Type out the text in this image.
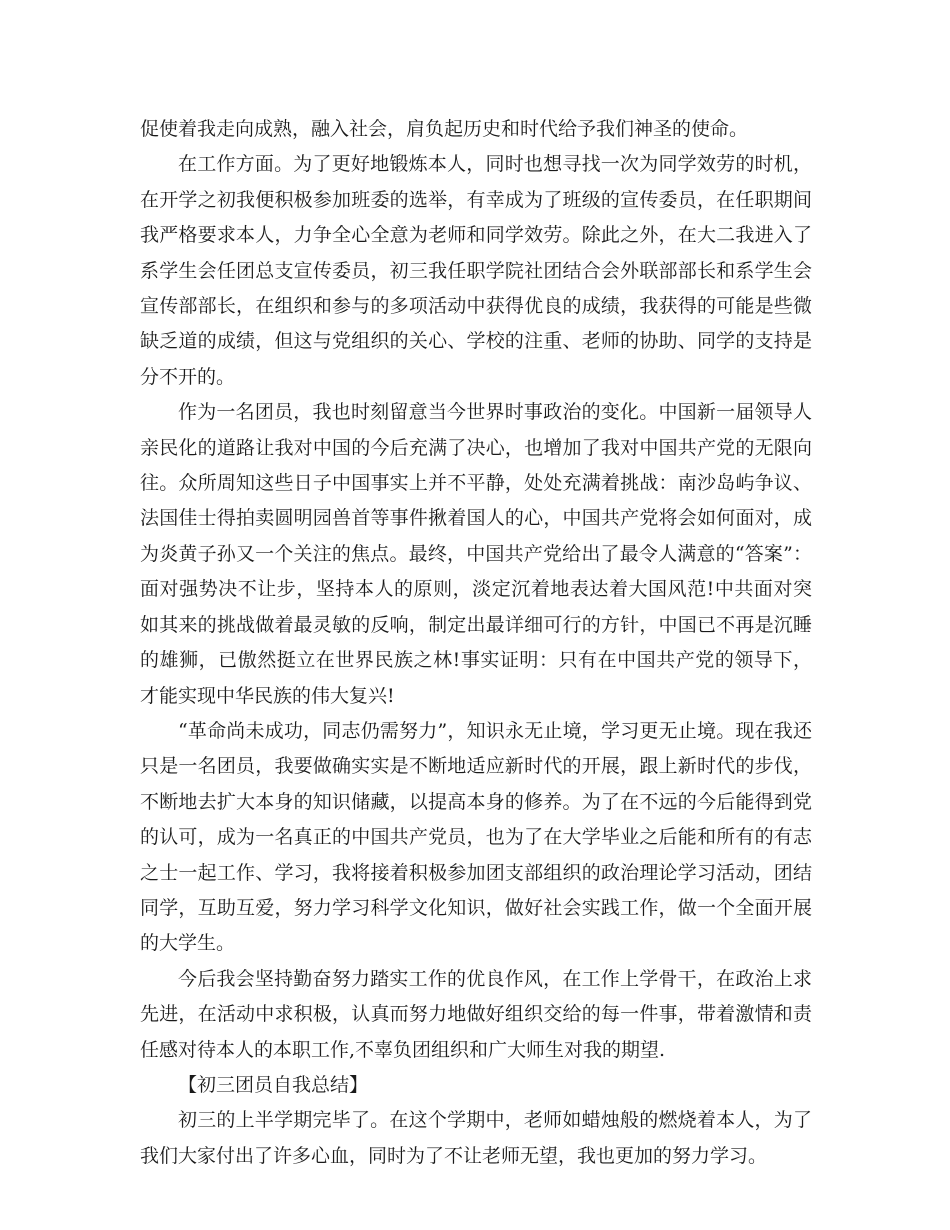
促使着我走向成熟，融入社会，肩负起历史和时代给予我们神圣的使命。

在工作方面。为了更好地锻炼本人，同时也想寻找一次为同学效劳的时机，在开学之初我便积极参加班委的选举，有幸成为了班级的宣传委员，在任职期间我严格要求本人，力争全心全意为老师和同学效劳。除此之外，在大二我进入了系学生会任团总支宣传委员，初三我任职学院社团结合会外联部部长和系学生会宣传部部长，在组织和参与的多项活动中获得优良的成绩，我获得的可能是些微缺乏道的成绩，但这与党组织的关心、学校的注重、老师的协助、同学的支持是分不开的。

作为一名团员，我也时刻留意当今世界时事政治的变化。中国新一届领导人亲民化的道路让我对中国的今后充满了决心，也增加了我对中国共产党的无限向往。众所周知这些日子中国事实上并不平静，处处充满着挑战：南沙岛屿争议、法国佳士得拍卖圆明园兽首等事件揪着国人的心，中国共产党将会如何面对，成为炎黄子孙又一个关注的焦点。最终，中国共产党给出了最令人满意的“答案”：面对强势决不让步，坚持本人的原则，淡定沉着地表达着大国风范!中共面对突如其来的挑战做着最灵敏的反响，制定出最详细可行的方针，中国已不再是沉睡的雄狮，已傲然挺立在世界民族之林!事实证明：只有在中国共产党的领导下，才能实现中华民族的伟大复兴!

“革命尚未成功，同志仍需努力”，知识永无止境，学习更无止境。现在我还只是一名团员，我要做确实实是不断地适应新时代的开展，跟上新时代的步伐，不断地去扩大本身的知识储藏，以提高本身的修养。为了在不远的今后能得到党的认可，成为一名真正的中国共产党员，也为了在大学毕业之后能和所有的有志之士一起工作、学习，我将接着积极参加团支部组织的政治理论学习活动，团结同学，互助互爱，努力学习科学文化知识，做好社会实践工作，做一个全面开展的大学生。

今后我会坚持勤奋努力踏实工作的优良作风，在工作上学骨干，在政治上求先进，在活动中求积极，认真而努力地做好组织交给的每一件事，带着激情和责任感对待本人的本职工作,不辜负团组织和广大师生对我的期望.

【初三团员自我总结】

初三的上半学期完毕了。在这个学期中，老师如蜡烛般的燃烧着本人，为了我们大家付出了许多心血，同时为了不让老师无望，我也更加的努力学习。
